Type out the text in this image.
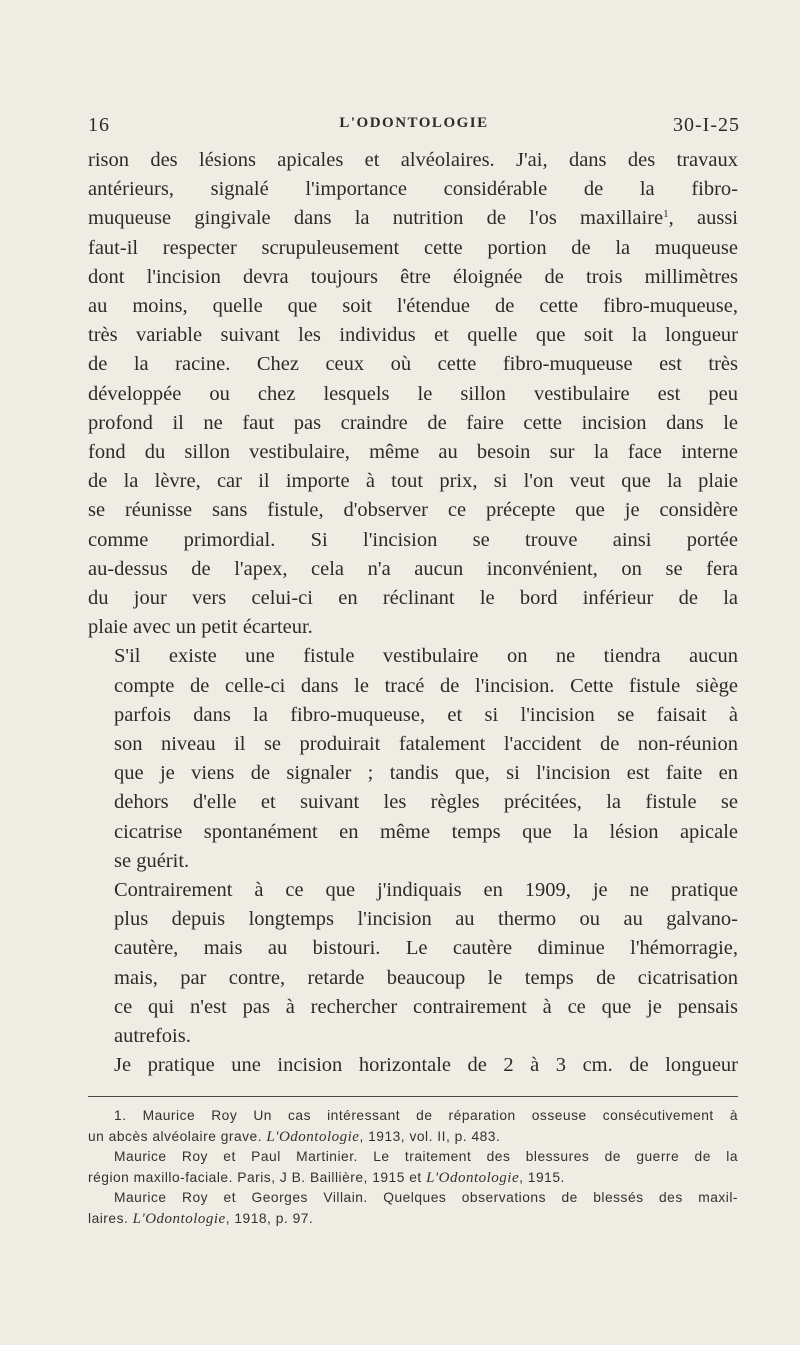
16	L'ODONTOLOGIE	30-I-25

rison des lésions apicales et alvéolaires. J'ai, dans des travaux
antérieurs, signalé l'importance considérable de la fibro-
muqueuse gingivale dans la nutrition de l'os maxillaire$^1$, aussi
faut-il respecter scrupuleusement cette portion de la muqueuse
dont l'incision devra toujours être éloignée de trois millimètres
au moins, quelle que soit l'étendue de cette fibro-muqueuse,
très variable suivant les individus et quelle que soit la longueur
de la racine. Chez ceux où cette fibro-muqueuse est très
développée ou chez lesquels le sillon vestibulaire est peu
profond il ne faut pas craindre de faire cette incision dans le
fond du sillon vestibulaire, même au besoin sur la face interne
de la lèvre, car il importe à tout prix, si l'on veut que la plaie
se réunisse sans fistule, d'observer ce précepte que je considère
comme primordial. Si l'incision se trouve ainsi portée
au-dessus de l'apex, cela n'a aucun inconvénient, on se fera
du jour vers celui-ci en réclinant le bord inférieur de la
plaie avec un petit écarteur.

S'il existe une fistule vestibulaire on ne tiendra aucun
compte de celle-ci dans le tracé de l'incision. Cette fistule siège
parfois dans la fibro-muqueuse, et si l'incision se faisait à
son niveau il se produirait fatalement l'accident de non-réunion
que je viens de signaler ; tandis que, si l'incision est faite en
dehors d'elle et suivant les règles précitées, la fistule se
cicatrise spontanément en même temps que la lésion apicale
se guérit.

Contrairement à ce que j'indiquais en 1909, je ne pratique
plus depuis longtemps l'incision au thermo ou au galvano-
cautère, mais au bistouri. Le cautère diminue l'hémorragie,
mais, par contre, retarde beaucoup le temps de cicatrisation
ce qui n'est pas à rechercher contrairement à ce que je pensais
autrefois.

Je pratique une incision horizontale de 2 à 3 cm. de longueur

1. Maurice Roy Un cas intéressant de réparation osseuse consécutivement à
un abcès alvéolaire grave. L'Odontologie, 1913, vol. II, p. 483.
Maurice Roy et Paul Martinier. Le traitement des blessures de guerre de la
région maxillo-faciale. Paris, J B. Baillière, 1915 et L'Odontologie, 1915.
Maurice Roy et Georges Villain. Quelques observations de blessés des maxil-
laires. L'Odontologie, 1918, p. 97.
